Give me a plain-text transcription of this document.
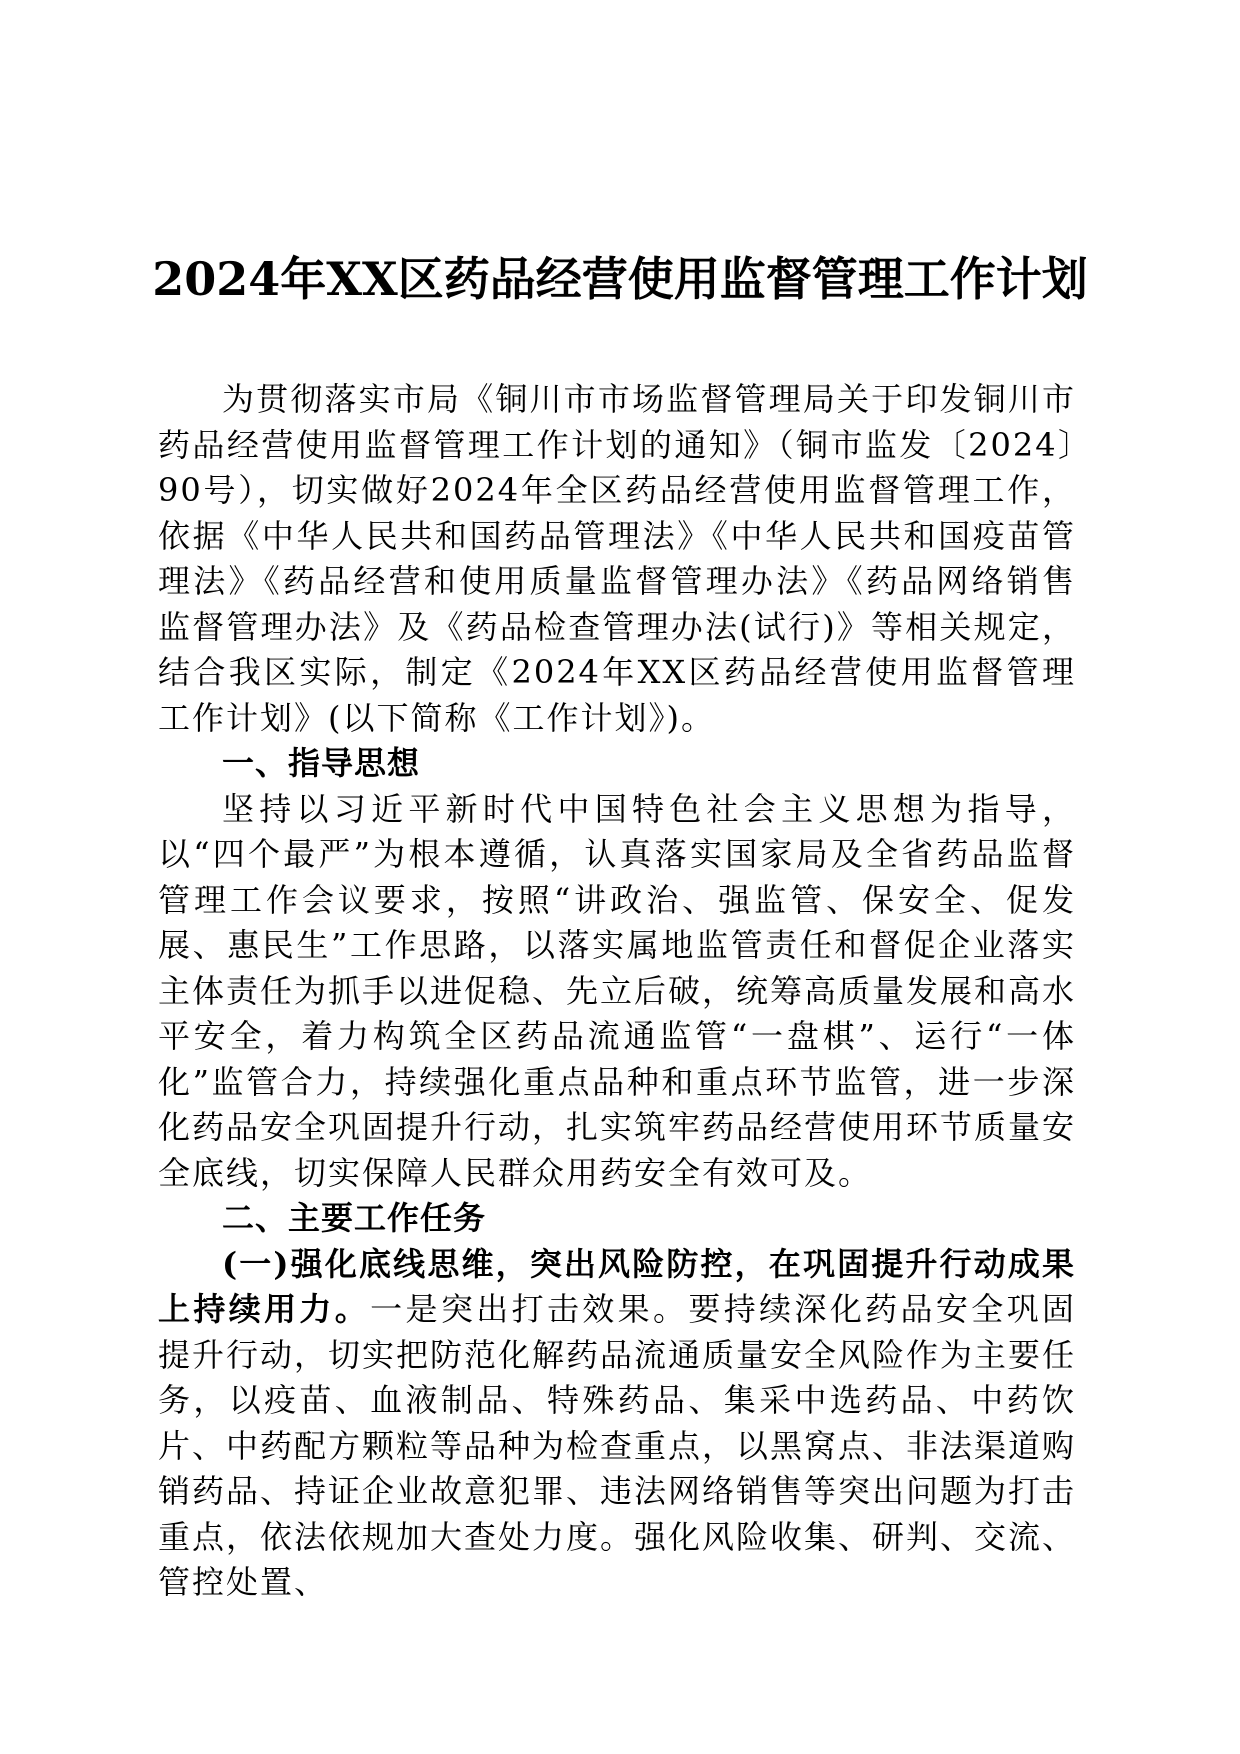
2024年XX区药品经营使用监督管理工作计划

为贯彻落实市局《铜川市市场监督管理局关于印发铜川市药品经营使用监督管理工作计划的通知》（铜市监发〔2024〕90号），切实做好2024年全区药品经营使用监督管理工作，依据《中华人民共和国药品管理法》《中华人民共和国疫苗管理法》《药品经营和使用质量监督管理办法》《药品网络销售监督管理办法》及《药品检查管理办法(试行)》等相关规定，结合我区实际，制定《2024年XX区药品经营使用监督管理工作计划》(以下简称《工作计划》)。

一、指导思想

坚持以习近平新时代中国特色社会主义思想为指导，以“四个最严”为根本遵循，认真落实国家局及全省药品监督管理工作会议要求，按照“讲政治、强监管、保安全、促发展、惠民生”工作思路，以落实属地监管责任和督促企业落实主体责任为抓手以进促稳、先立后破，统筹高质量发展和高水平安全，着力构筑全区药品流通监管“一盘棋”、运行“一体化”监管合力，持续强化重点品种和重点环节监管，进一步深化药品安全巩固提升行动，扎实筑牢药品经营使用环节质量安全底线，切实保障人民群众用药安全有效可及。

二、主要工作任务

(一)强化底线思维，突出风险防控，在巩固提升行动成果上持续用力。一是突出打击效果。要持续深化药品安全巩固提升行动，切实把防范化解药品流通质量安全风险作为主要任务，以疫苗、血液制品、特殊药品、集采中选药品、中药饮片、中药配方颗粒等品种为检查重点，以黑窝点、非法渠道购销药品、持证企业故意犯罪、违法网络销售等突出问题为打击重点，依法依规加大查处力度。强化风险收集、研判、交流、管控处置、
